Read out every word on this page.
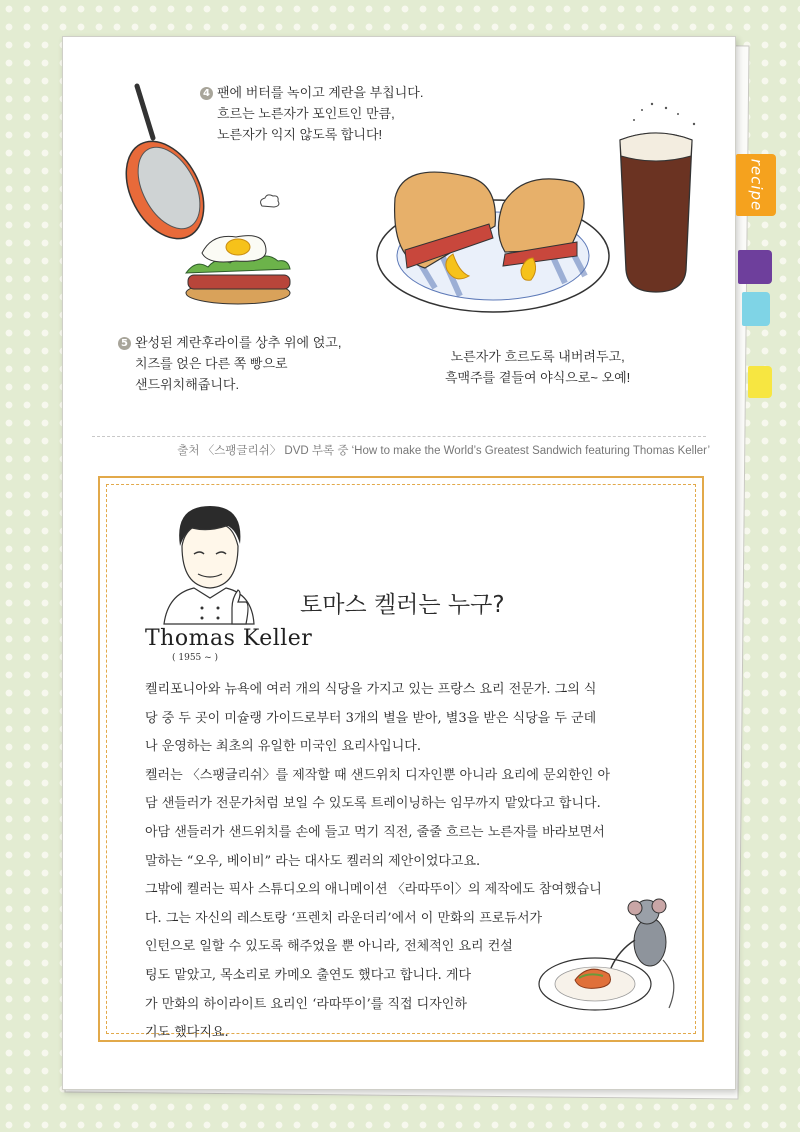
recipe
4 팬에 버터를 녹이고 계란을 부칩니다.
흐르는 노른자가 포인트인 만큼,
노른자가 익지 않도록 합니다!
5 완성된 계란후라이를 상추 위에 얹고,
치즈를 얹은 다른 쪽 빵으로
샌드위치해줍니다.
노른자가 흐르도록 내버려두고,
흑맥주를 곁들여 야식으로~ 오예!
출처 〈스팽글리쉬〉 DVD 부록 중 ‘How to make the World’s Greatest Sandwich featuring Thomas Keller’
Thomas Keller
( 1955 ~ )
토마스 켈러는 누구?
켈리포니아와 뉴욕에 여러 개의 식당을 가지고 있는 프랑스 요리 전문가. 그의 식
당 중 두 곳이 미슐랭 가이드로부터 3개의 별을 받아, 별3을 받은 식당을 두 군데
나 운영하는 최초의 유일한 미국인 요리사입니다.
켈러는 〈스팽글리쉬〉를 제작할 때 샌드위치 디자인뿐 아니라 요리에 문외한인 아
담 샌들러가 전문가처럼 보일 수 있도록 트레이닝하는 임무까지 맡았다고 합니다.
아담 샌들러가 샌드위치를 손에 들고 먹기 직전, 줄줄 흐르는 노른자를 바라보면서
말하는 “오우, 베이비” 라는 대사도 켈러의 제안이었다고요.
그밖에 켈러는 픽사 스튜디오의 애니메이션 〈라따뚜이〉의 제작에도 참여했습니
다. 그는 자신의 레스토랑 ‘프렌치 라운더리’에서 이 만화의 프로듀서가
인턴으로 일할 수 있도록 해주었을 뿐 아니라, 전체적인 요리 컨설
팅도 맡았고, 목소리로 카메오 출연도 했다고 합니다. 게다
가 만화의 하이라이트 요리인 ‘라따뚜이’를 직접 디자인하
기도 했다지요.
